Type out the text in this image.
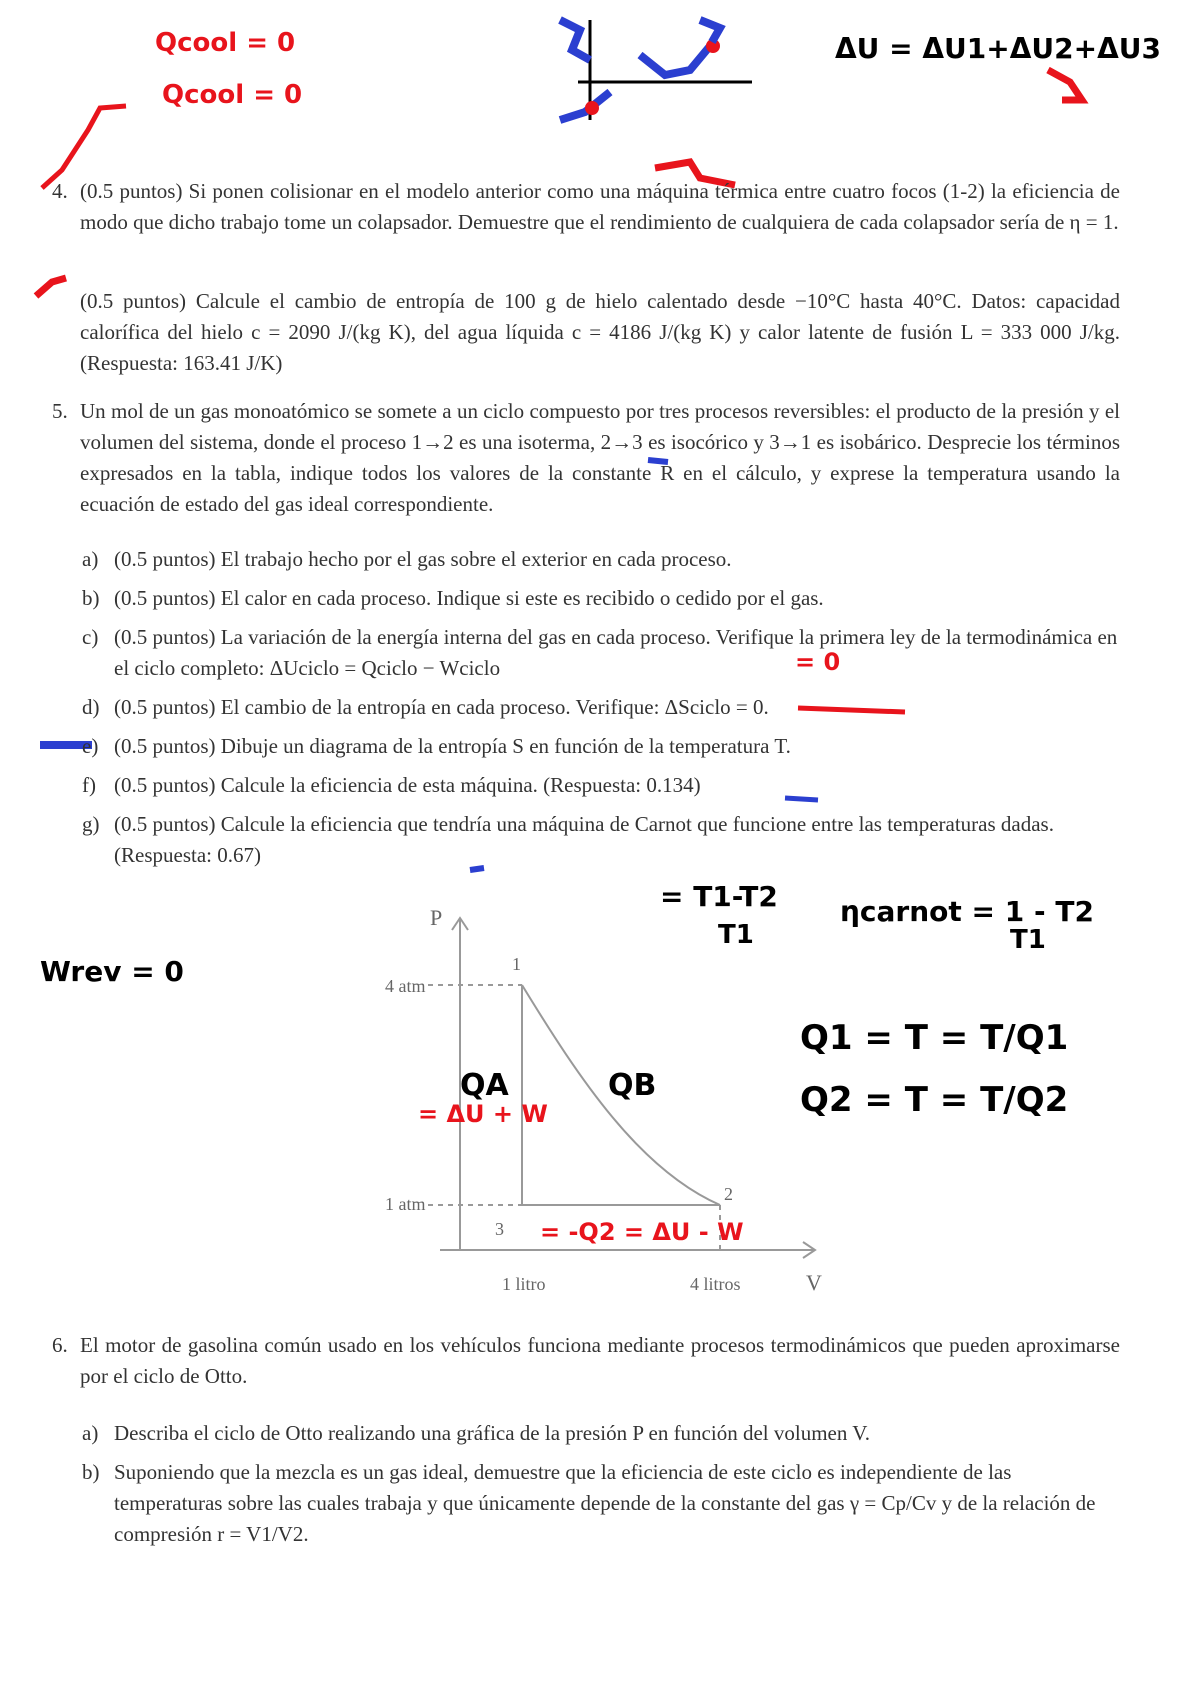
Qcool = 0
Qcool = 0
ΔU = ΔU1+ΔU2+ΔU3
4. (0.5 puntos) Si ponen colisionar en el modelo anterior como una máquina térmica entre cuatro focos (1-2) la eficiencia de modo que dicho trabajo tome un colapsador. Demuestre que el rendimiento de cualquiera de cada colapsador sería de η = 1.
(0.5 puntos) Calcule el cambio de entropía de 100 g de hielo calentado desde −10°C hasta 40°C. Datos: capacidad calorífica del hielo c = 2090 J/(kg K), del agua líquida c = 4186 J/(kg K) y calor latente de fusión L = 333 000 J/kg. (Respuesta: 163.41 J/K)
5. Un mol de un gas monoatómico se somete a un ciclo compuesto por tres procesos reversibles: el producto de la presión y el volumen del sistema, donde el proceso 1→2 es una isoterma, 2→3 es isocórico y 3→1 es isobárico. Desprecie los términos expresados en la tabla, indique todos los valores de la constante R en el cálculo, y exprese la temperatura usando la ecuación de estado del gas ideal correspondiente.
a) (0.5 puntos) El trabajo hecho por el gas sobre el exterior en cada proceso.
b) (0.5 puntos) El calor en cada proceso. Indique si este es recibido o cedido por el gas.
c) (0.5 puntos) La variación de la energía interna del gas en cada proceso. Verifique la primera ley de la termodinámica en el ciclo completo: ΔUciclo = Qciclo − Wciclo
d) (0.5 puntos) El cambio de la entropía en cada proceso. Verifique: ΔSciclo = 0.
e) (0.5 puntos) Dibuje un diagrama de la entropía S en función de la temperatura T.
f) (0.5 puntos) Calcule la eficiencia de esta máquina. (Respuesta: 0.134)
g) (0.5 puntos) Calcule la eficiencia que tendría una máquina de Carnot que funcione entre las temperaturas dadas. (Respuesta: 0.67)
= 0
P
V
4 atm
1 atm
1 litro	4 litros
1
2
3
Wrev = 0
= T1-T2
T1
ηcarnot = 1 - T2
T1
Q1 = T = T/Q1
Q2 = T = T/Q2
QA	QB
= ΔU + W
= -Q2 = ΔU - W
6. El motor de gasolina común usado en los vehículos funciona mediante procesos termodinámicos que pueden aproximarse por el ciclo de Otto.
a) Describa el ciclo de Otto realizando una gráfica de la presión P en función del volumen V.
b) Suponiendo que la mezcla es un gas ideal, demuestre que la eficiencia de este ciclo es independiente de las temperaturas sobre las cuales trabaja y que únicamente depende de la constante del gas γ = Cp/Cv y de la relación de compresión r = V1/V2.
